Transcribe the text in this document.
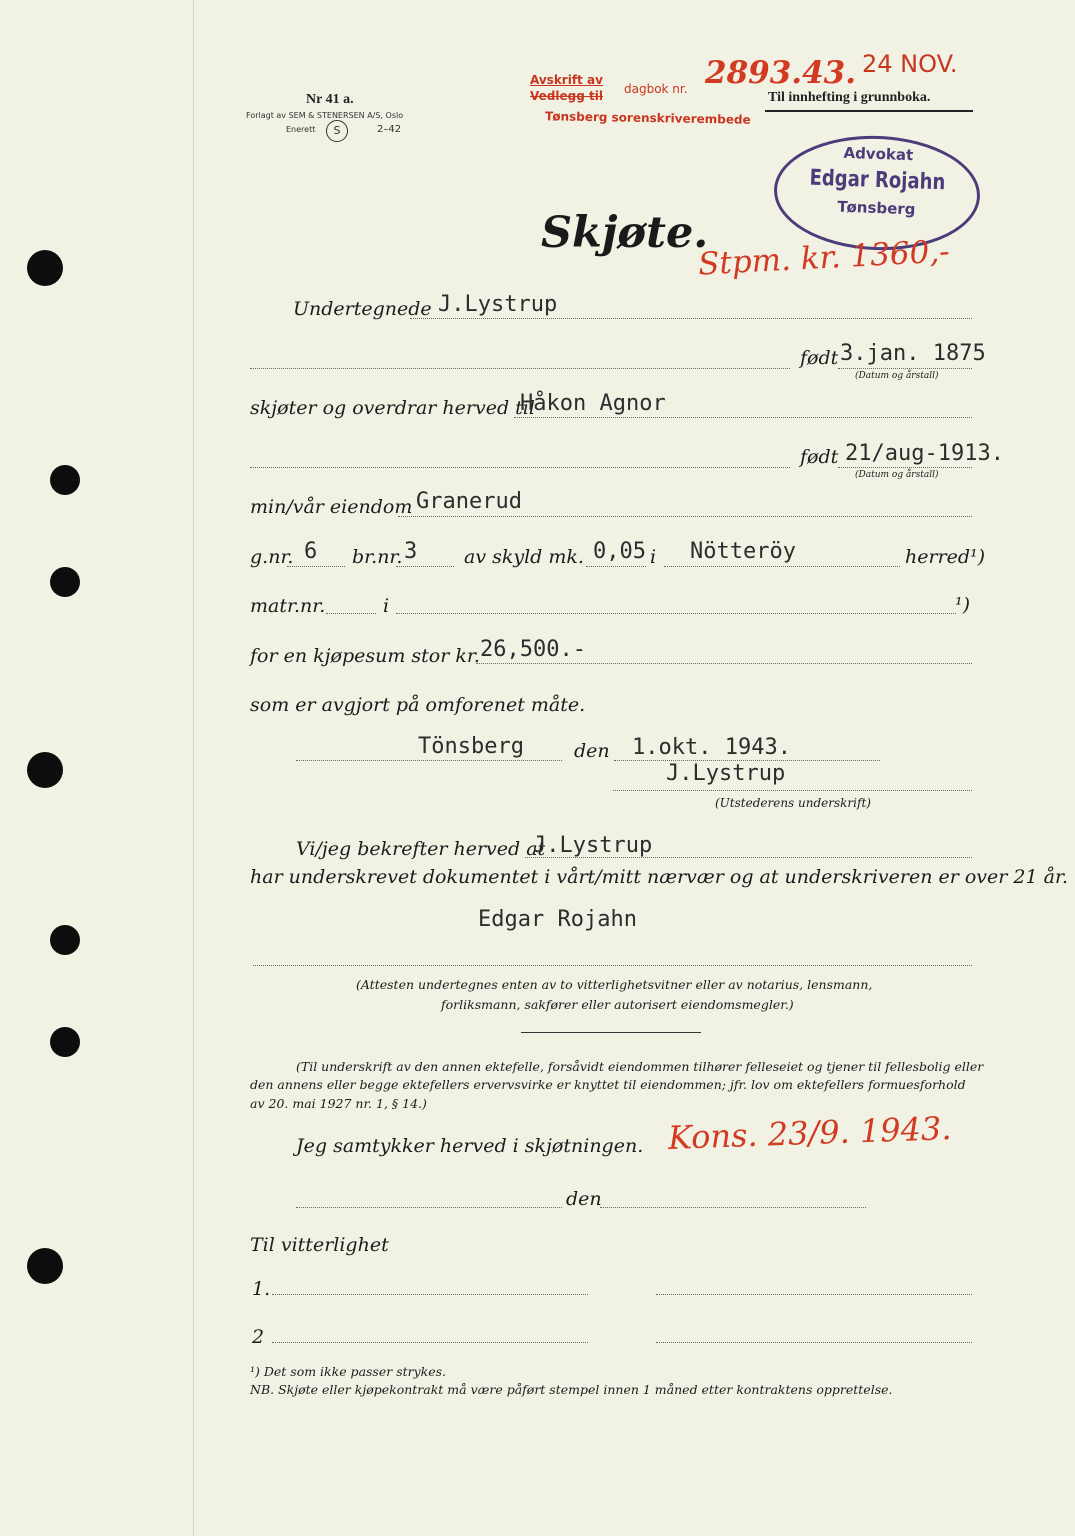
Nr 41 a.
Forlagt av SEM & STENERSEN A/S, Oslo
Enerett	S	2–42
Avskrift av
Vedlegg til dagbok nr. 2893.43. 24 NOV.
Tønsberg sorenskriverembede
Til innhefting i grunnboka.
Advokat
Edgar Rojahn
Tønsberg
Skjøte.
Stpm. kr. 1360,-
Undertegnede J.Lystrup
født 3.jan. 1875
(Datum og årstall)
skjøter og overdrar herved til
Håkon Agnor
født 21/aug-1913.
(Datum og årstall)
min/vår eiendom Granerud
g.nr. 6 br.nr. 3 av skyld mk. 0,05 i Nötteröy	herred¹)
matr.nr.	i	¹)
for en kjøpesum stor kr. 26,500.-
som er avgjort på omforenet måte.
Tönsberg	den 1.okt. 1943.
J.Lystrup
(Utstederens underskrift)
Vi/jeg bekrefter herved at
J.Lystrup
har underskrevet dokumentet i vårt/mitt nærvær og at underskriveren er over 21 år.
Edgar Rojahn
(Attesten undertegnes enten av to vitterlighetsvitner eller av notarius, lensmann,
forliksmann, sakfører eller autorisert eiendomsmegler.)
(Til underskrift av den annen ektefelle, forsåvidt eiendommen tilhører felleseiet og tjener til fellesbolig eller
den annens eller begge ektefellers ervervsvirke er knyttet til eiendommen; jfr. lov om ektefellers formuesforhold
av 20. mai 1927 nr. 1, § 14.)
Jeg samtykker herved i skjøtningen. Kons. 23/9. 1943.
den
Til vitterlighet
1.
2
¹) Det som ikke passer strykes.
NB. Skjøte eller kjøpekontrakt må være påført stempel innen 1 måned etter kontraktens opprettelse.
